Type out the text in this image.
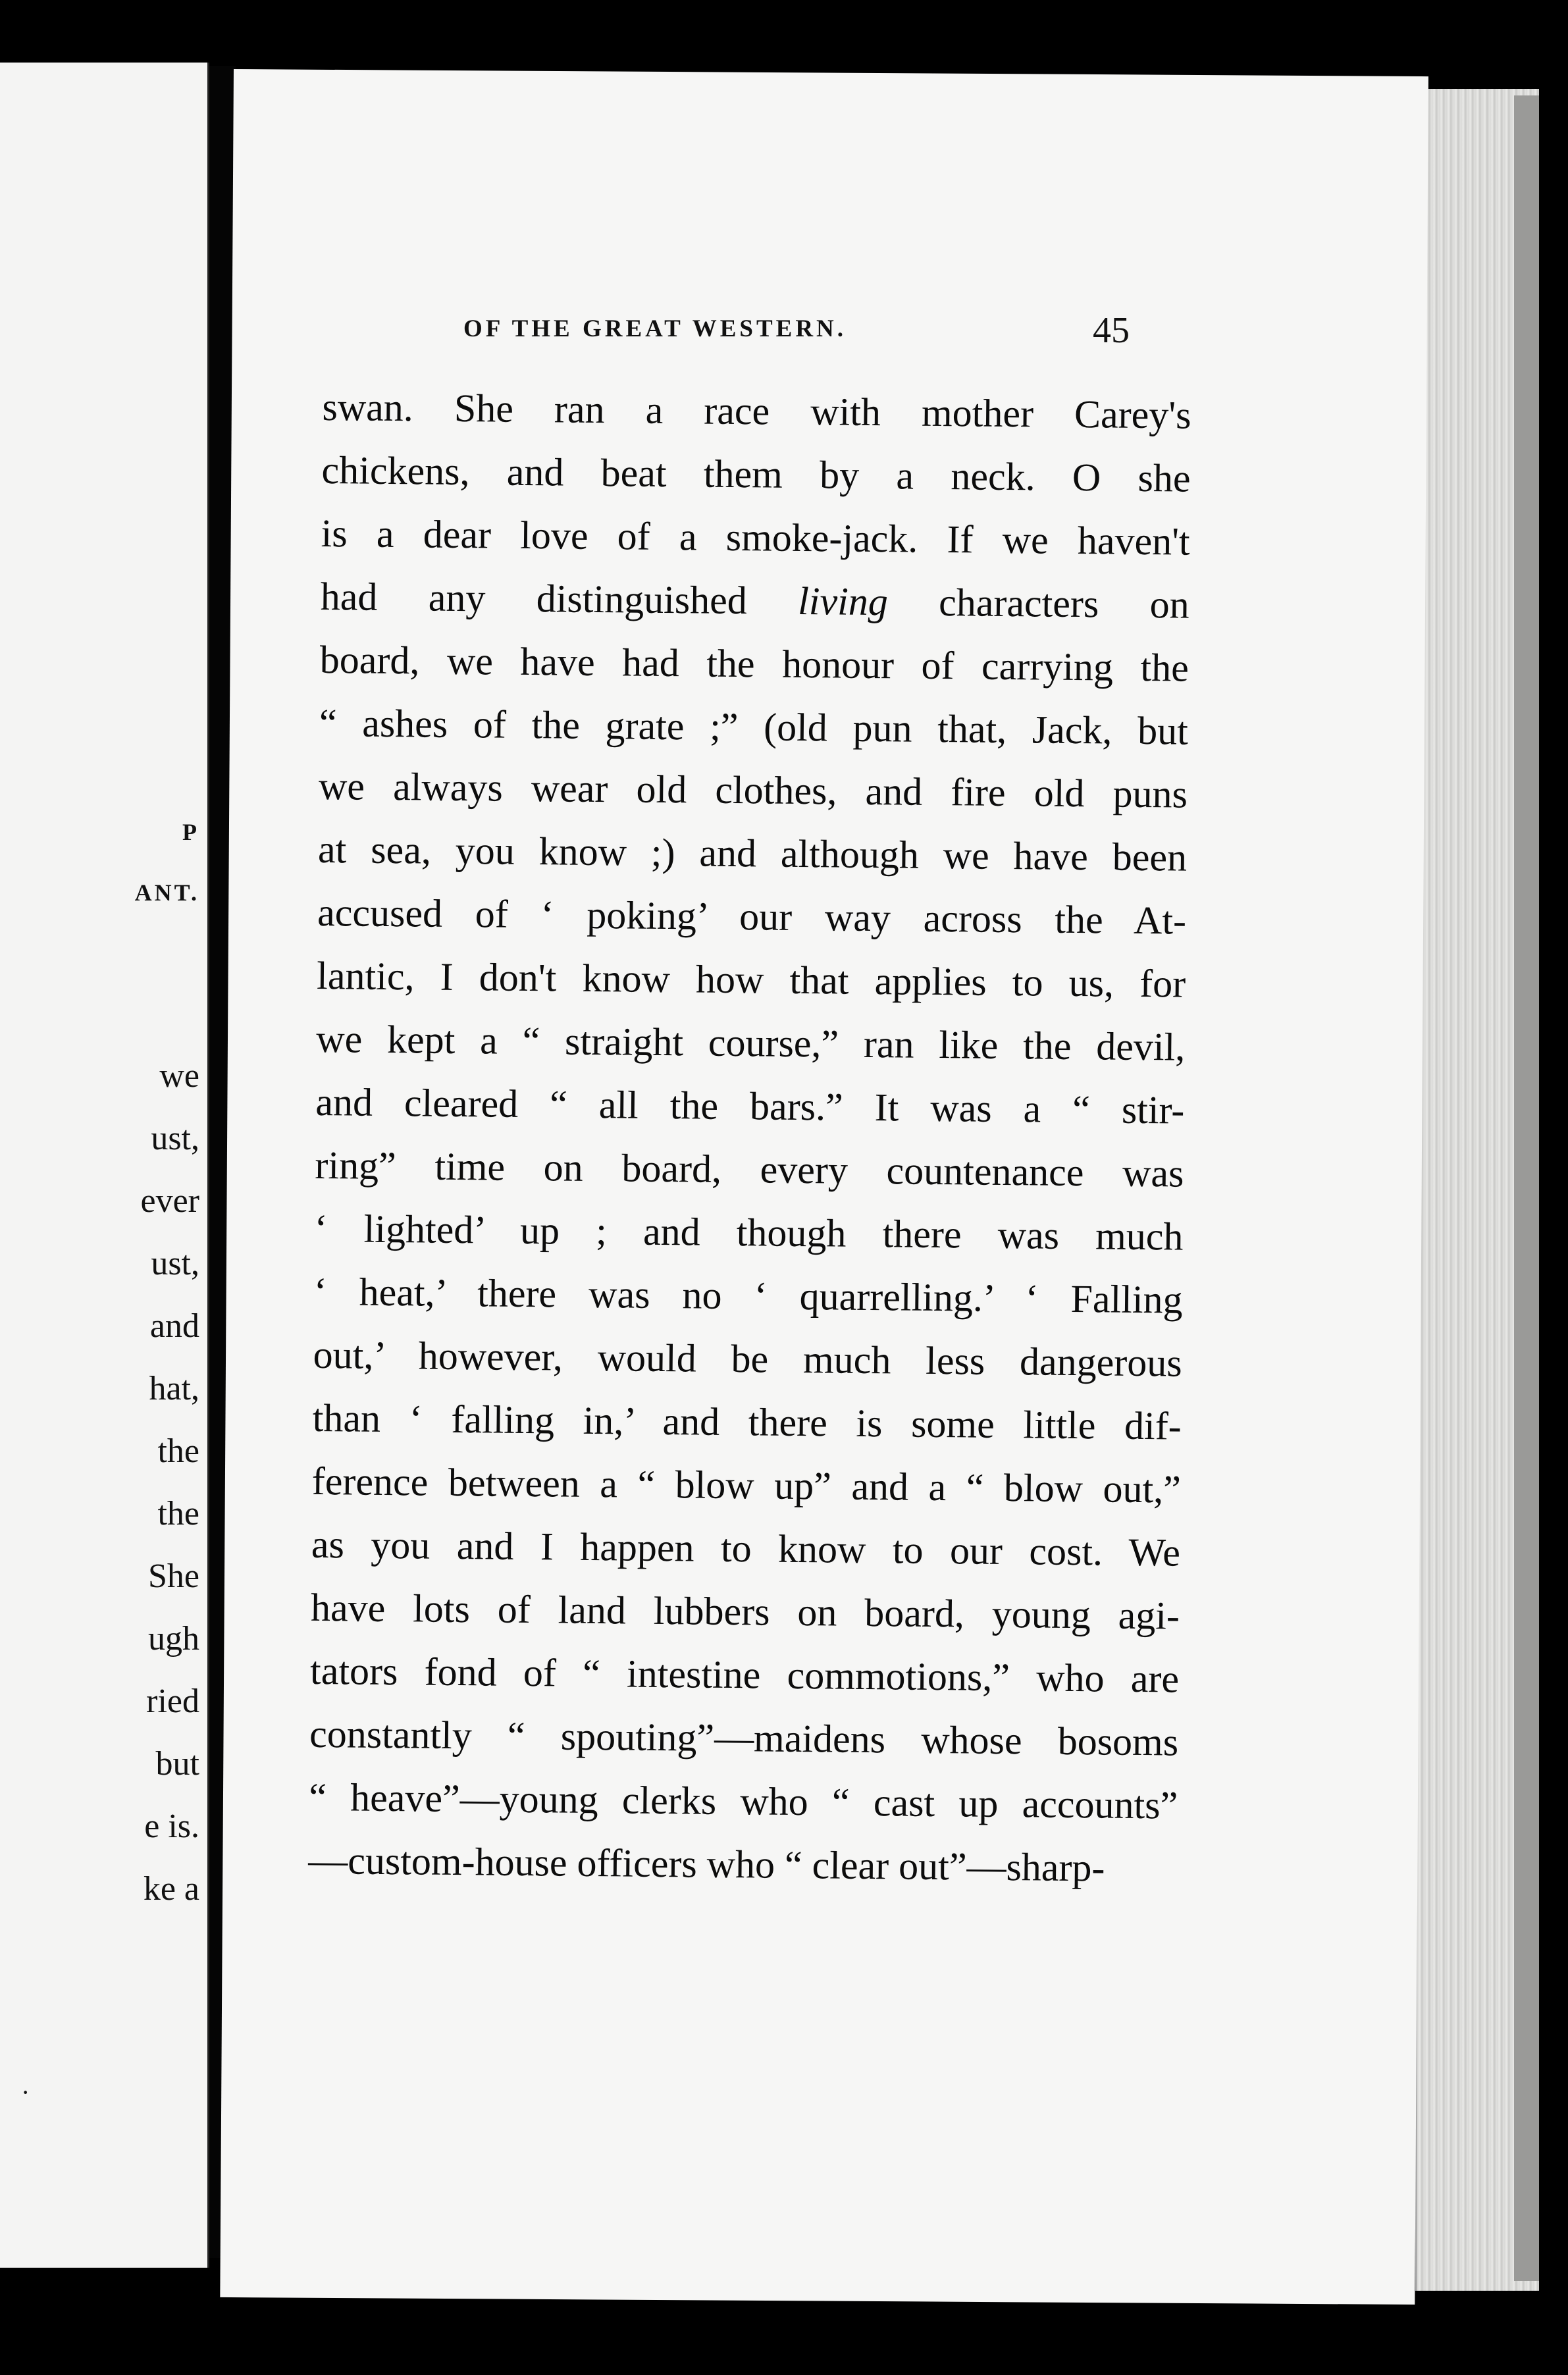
P
ANT.
we
ust,
ever
ust,
and
hat,
the
the
She
ugh
ried
but
e is.
ke a
·
OF THE GREAT WESTERN.	45
swan. She ran a race with mother Carey's
chickens, and beat them by a neck. O she
is a dear love of a smoke-jack. If we haven't
had any distinguished living characters on
board, we have had the honour of carrying the
“ ashes of the grate ;” (old pun that, Jack, but
we always wear old clothes, and fire old puns
at sea, you know ;) and although we have been
accused of ‘ poking’ our way across the At-
lantic, I don't know how that applies to us, for
we kept a “ straight course,” ran like the devil,
and cleared “ all the bars.” It was a “ stir-
ring” time on board, every countenance was
‘ lighted’ up ; and though there was much
‘ heat,’ there was no ‘ quarrelling.’ ‘ Falling
out,’ however, would be much less dangerous
than ‘ falling in,’ and there is some little dif-
ference between a “ blow up” and a “ blow out,”
as you and I happen to know to our cost. We
have lots of land lubbers on board, young agi-
tators fond of “ intestine commotions,” who are
constantly “ spouting”—maidens whose bosoms
“ heave”—young clerks who “ cast up accounts”
—custom-house officers who “ clear out”—sharp-
